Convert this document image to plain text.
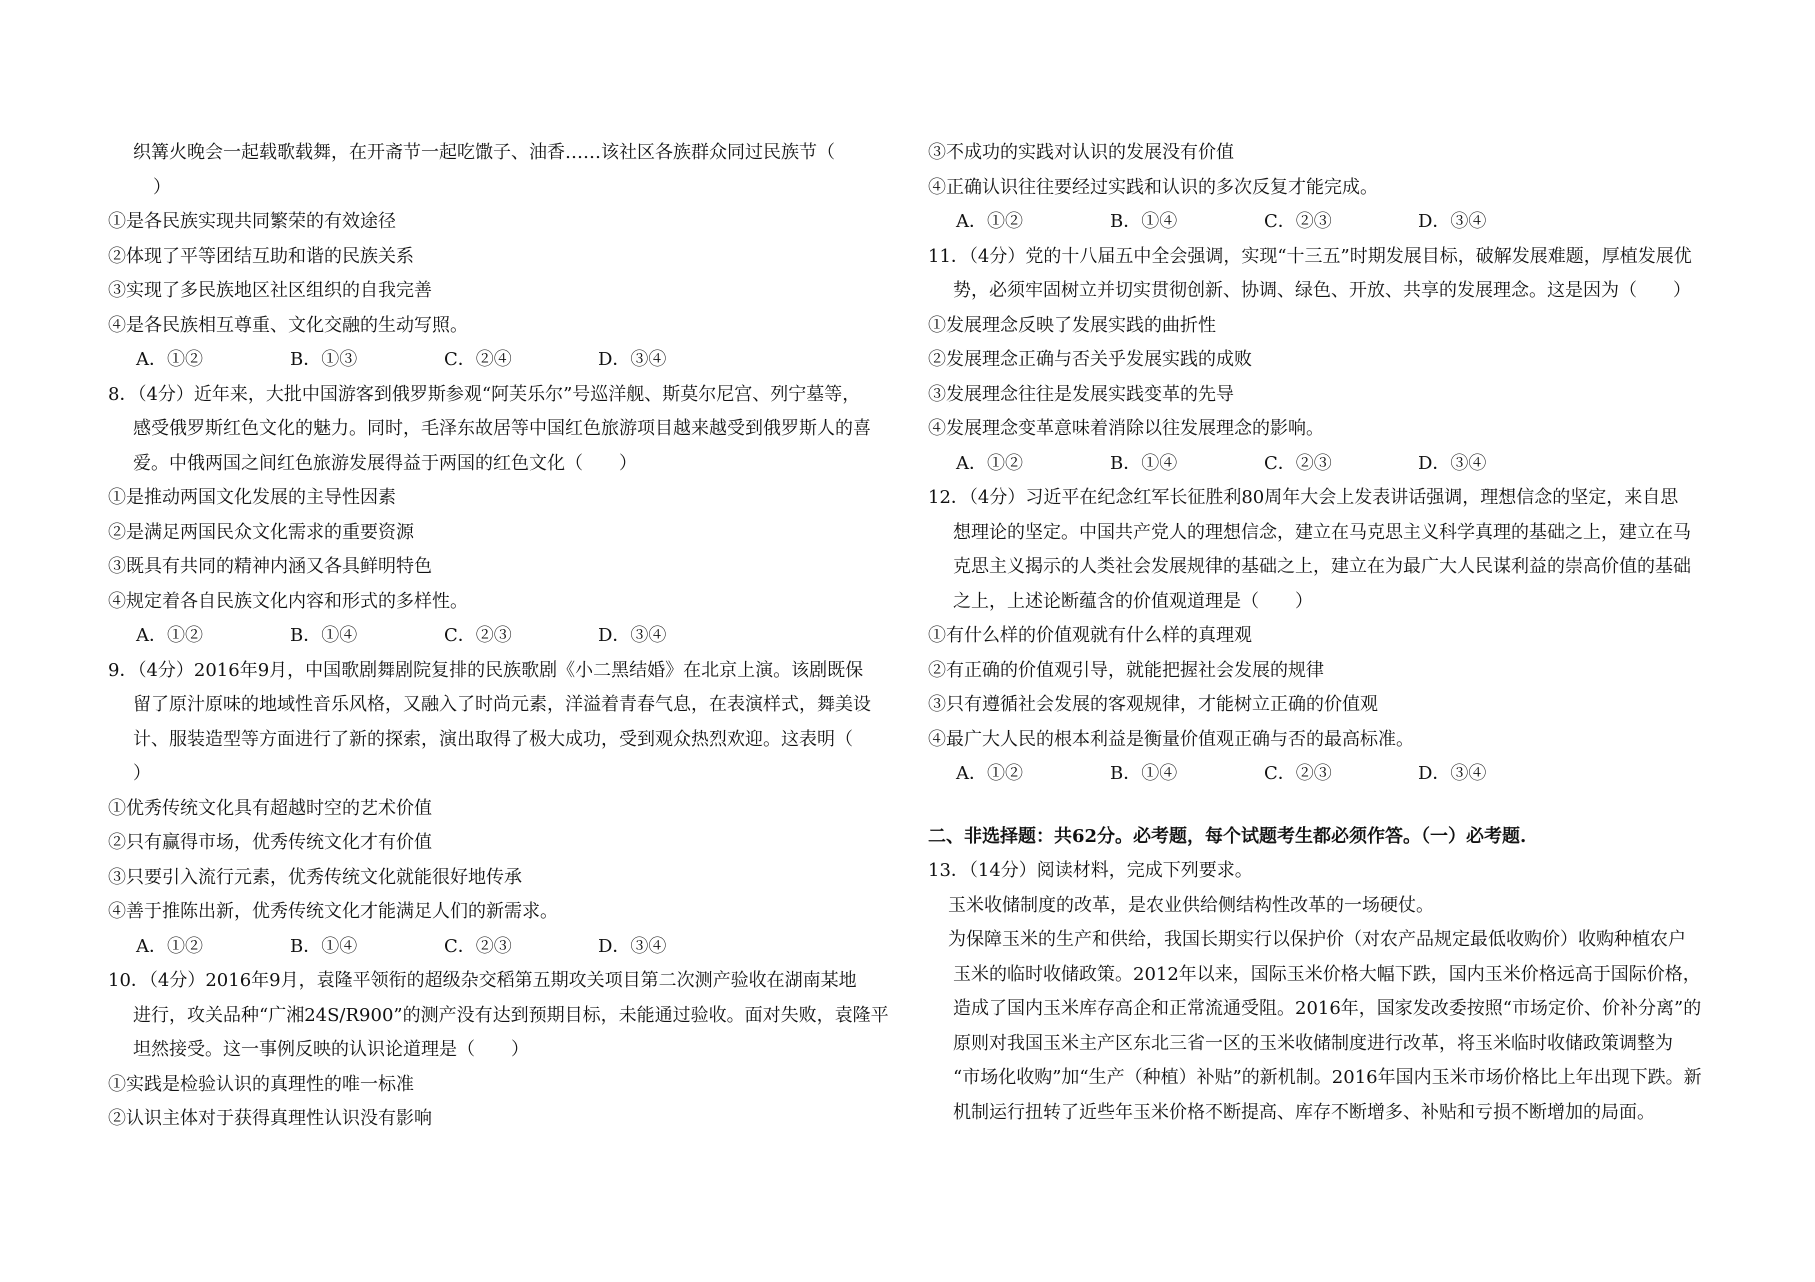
织篝火晚会一起载歌载舞，在开斋节一起吃馓子、油香……该社区各族群众同过民族节（
）
①是各民族实现共同繁荣的有效途径
②体现了平等团结互助和谐的民族关系
③实现了多民族地区社区组织的自我完善
④是各民族相互尊重、文化交融的生动写照。
A．①②	B．①③	C．②④	D．③④
8．（4分）近年来，大批中国游客到俄罗斯参观“阿芙乐尔”号巡洋舰、斯莫尔尼宫、列宁墓等，
感受俄罗斯红色文化的魅力。同时，毛泽东故居等中国红色旅游项目越来越受到俄罗斯人的喜
爱。中俄两国之间红色旅游发展得益于两国的红色文化（　　）
①是推动两国文化发展的主导性因素
②是满足两国民众文化需求的重要资源
③既具有共同的精神内涵又各具鲜明特色
④规定着各自民族文化内容和形式的多样性。
A．①②	B．①④	C．②③	D．③④
9．（4分）2016年9月，中国歌剧舞剧院复排的民族歌剧《小二黑结婚》在北京上演。该剧既保
留了原汁原味的地域性音乐风格，又融入了时尚元素，洋溢着青春气息，在表演样式，舞美设
计、服装造型等方面进行了新的探索，演出取得了极大成功，受到观众热烈欢迎。这表明（
）
①优秀传统文化具有超越时空的艺术价值
②只有赢得市场，优秀传统文化才有价值
③只要引入流行元素，优秀传统文化就能很好地传承
④善于推陈出新，优秀传统文化才能满足人们的新需求。
A．①②	B．①④	C．②③	D．③④
10．（4分）2016年9月，袁隆平领衔的超级杂交稻第五期攻关项目第二次测产验收在湖南某地
进行，攻关品种“广湘24S/R900”的测产没有达到预期目标，未能通过验收。面对失败，袁隆平
坦然接受。这一事例反映的认识论道理是（　　）
①实践是检验认识的真理性的唯一标准
②认识主体对于获得真理性认识没有影响
③不成功的实践对认识的发展没有价值
④正确认识往往要经过实践和认识的多次反复才能完成。
A．①②	B．①④	C．②③	D．③④
11．（4分）党的十八届五中全会强调，实现“十三五”时期发展目标，破解发展难题，厚植发展优
势，必须牢固树立并切实贯彻创新、协调、绿色、开放、共享的发展理念。这是因为（　　）
①发展理念反映了发展实践的曲折性
②发展理念正确与否关乎发展实践的成败
③发展理念往往是发展实践变革的先导
④发展理念变革意味着消除以往发展理念的影响。
A．①②	B．①④	C．②③	D．③④
12．（4分）习近平在纪念红军长征胜利80周年大会上发表讲话强调，理想信念的坚定，来自思
想理论的坚定。中国共产党人的理想信念，建立在马克思主义科学真理的基础之上，建立在马
克思主义揭示的人类社会发展规律的基础之上，建立在为最广大人民谋利益的崇高价值的基础
之上，上述论断蕴含的价值观道理是（　　）
①有什么样的价值观就有什么样的真理观
②有正确的价值观引导，就能把握社会发展的规律
③只有遵循社会发展的客观规律，才能树立正确的价值观
④最广大人民的根本利益是衡量价值观正确与否的最高标准。
A．①②	B．①④	C．②③	D．③④
二、非选择题：共62分。必考题，每个试题考生都必须作答。（一）必考题.
13．（14分）阅读材料，完成下列要求。
玉米收储制度的改革，是农业供给侧结构性改革的一场硬仗。
为保障玉米的生产和供给，我国长期实行以保护价（对农产品规定最低收购价）收购种植农户
玉米的临时收储政策。2012年以来，国际玉米价格大幅下跌，国内玉米价格远高于国际价格，
造成了国内玉米库存高企和正常流通受阻。2016年，国家发改委按照“市场定价、价补分离”的
原则对我国玉米主产区东北三省一区的玉米收储制度进行改革，将玉米临时收储政策调整为
“市场化收购”加“生产（种植）补贴”的新机制。2016年国内玉米市场价格比上年出现下跌。新
机制运行扭转了近些年玉米价格不断提高、库存不断增多、补贴和亏损不断增加的局面。
